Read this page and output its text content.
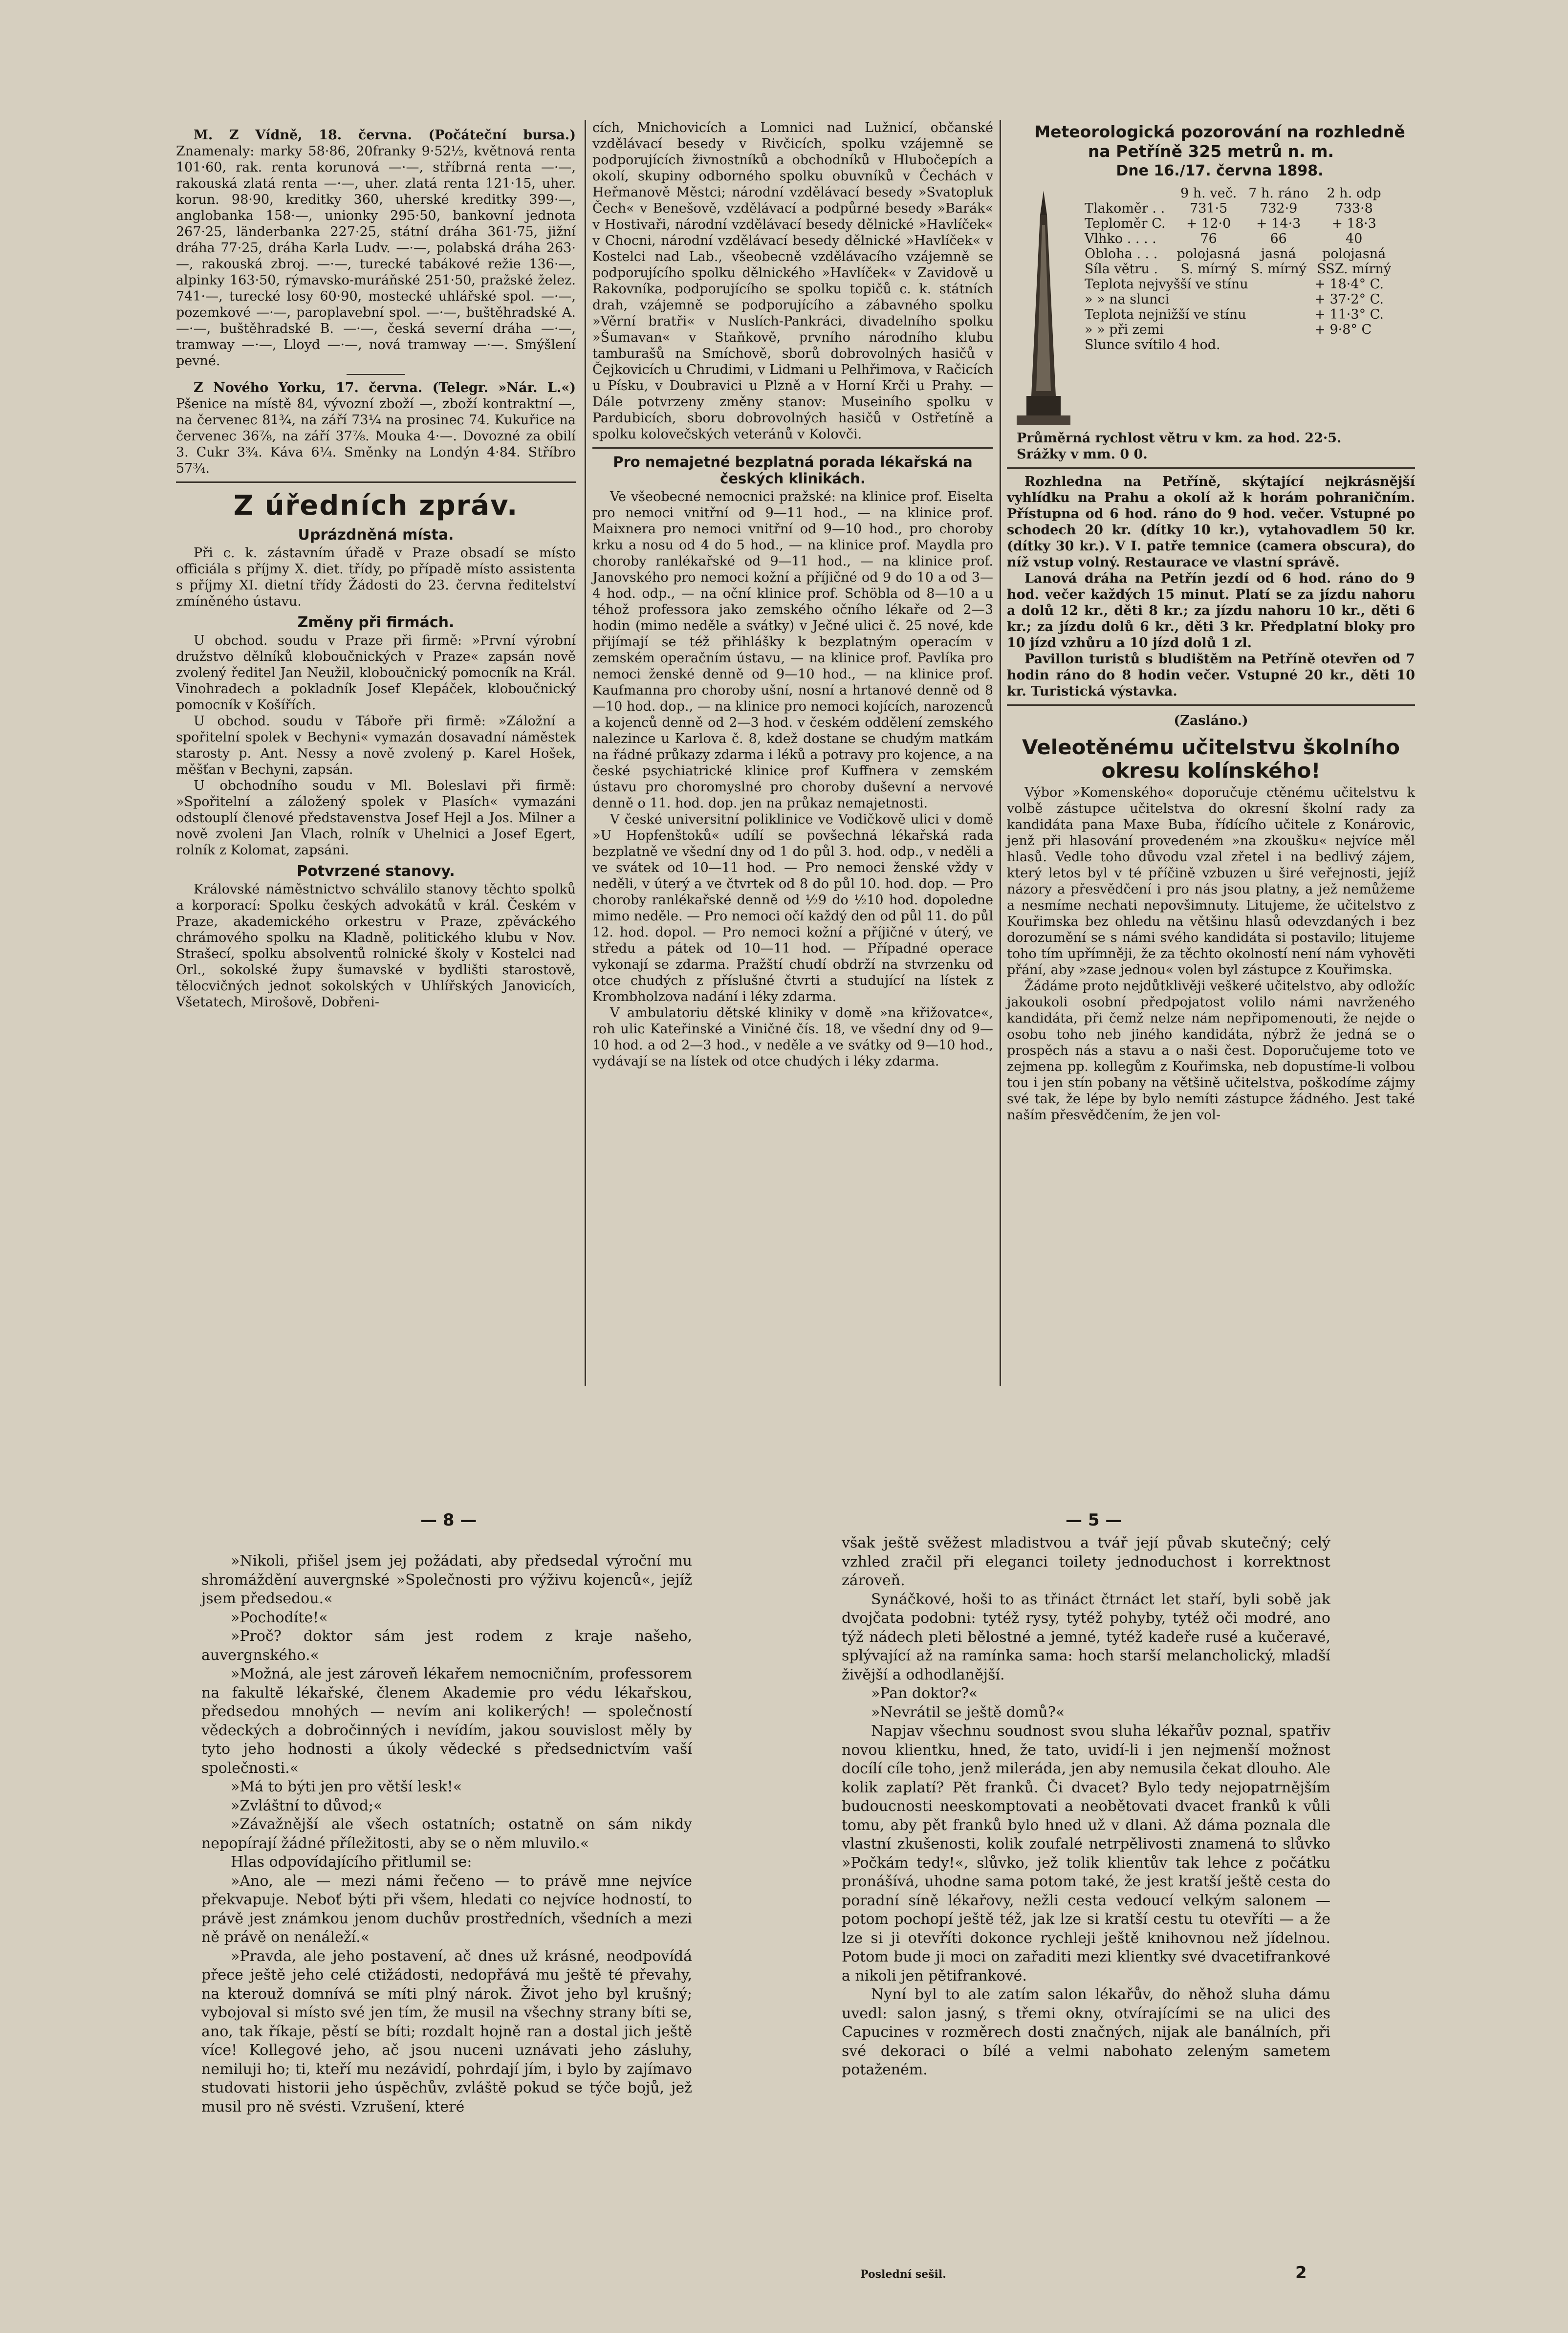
M. Z Vídně, 18. června. (Počáteční bursa.) Znamenaly: marky 58·86, 20franky 9·52½, květnová renta 101·60, rak. renta korunová —·—, stříbrná renta —·—, rakouská zlatá renta —·—, uher. zlatá renta 121·15, uher. korun. 98·90, kreditky 360, uherské kreditky 399·—, anglobanka 158·—, unionky 295·50, bankovní jednota 267·25, länderbanka 227·25, státní dráha 361·75, jižní dráha 77·25, dráha Karla Ludv. —·—, polabská dráha 263·—, rakouská zbroj. —·—, turecké tabákové režie 136·—, alpinky 163·50, rýmavsko-muráňské 251·50, pražské želez. 741·—, turecké losy 60·90, mostecké uhlářské spol. —·—, pozemkové —·—, paroplavební spol. —·—, buštěhradské A. —·—, buštěhradské B. —·—, česká severní dráha —·—, tramway —·—, Lloyd —·—, nová tramway —·—. Smýšlení pevné.

Z Nového Yorku, 17. června. (Telegr. »Nár. L.«) Pšenice na místě 84, vývozní zboží —, zboží kontraktní —, na červenec 81¾, na září 73¼ na prosinec 74. Kukuřice na červenec 36⅞, na září 37⅞. Mouka 4·—. Dovozné za obilí 3. Cukr 3¾. Káva 6¼. Směnky na Londýn 4·84. Stříbro 57¾.

Z úředních zpráv.
Uprázdněná místa.

Při c. k. zástavním úřadě v Praze obsadí se místo officiála s příjmy X. diet. třídy, po případě místo assistenta s příjmy XI. dietní třídy Žádosti do 23. června ředitelství zmíněného ústavu.

Změny při firmách.

U obchod. soudu v Praze při firmě: »První výrobní družstvo dělníků kloboučnických v Praze« zapsán nově zvolený ředitel Jan Neužil, kloboučnický pomocník na Král. Vinohradech a pokladník Josef Klepáček, kloboučnický pomocník v Košířích.

U obchod. soudu v Táboře při firmě: »Záložní a spořitelní spolek v Bechyni« vymazán dosavadní náměstek starosty p. Ant. Nessy a nově zvolený p. Karel Hošek, měšťan v Bechyni, zapsán.

U obchodního soudu v Ml. Boleslavi při firmě: »Spořitelní a záložený spolek v Plasích« vymazáni odstouplí členové představenstva Josef Hejl a Jos. Milner a nově zvoleni Jan Vlach, rolník v Uhelnici a Josef Egert, rolník z Kolomat, zapsáni.

Potvrzené stanovy.

Královské náměstnictvo schválilo stanovy těchto spolků a korporací: Spolku českých advokátů v král. Českém v Praze, akademického orkestru v Praze, zpěváckého chrámového spolku na Kladně, politického klubu v Nov. Strašecí, spolku absolventů rolnické školy v Kostelci nad Orl., sokolské župy šumavské v bydlišti starostově, tělocvičných jednot sokolských v Uhlířských Janovicích, Všetatech, Mirošově, Dobřeni-

cích, Mnichovicích a Lomnici nad Lužnicí, občanské vzdělávací besedy v Rivčicích, spolku vzájemně se podporujících živnostníků a obchodníků v Hlubočepích a okolí, skupiny odborného spolku obuvníků v Čechách v Heřmanově Městci; národní vzdělávací besedy »Svatopluk Čech« v Benešově, vzdělávací a podpůrné besedy »Barák« v Hostivaři, národní vzdělávací besedy dělnické »Havlíček« v Chocni, národní vzdělávací besedy dělnické »Havlíček« v Kostelci nad Lab., všeobecně vzdělávacího vzájemně se podporujícího spolku dělnického »Havlíček« v Zavidově u Rakovníka, podporujícího se spolku topičů c. k. státních drah, vzájemně se podporujícího a zábavného spolku »Věrní bratři« v Nuslích-Pankráci, divadelního spolku »Šumavan« v Staňkově, prvního národního klubu tamburašů na Smíchově, sborů dobrovolných hasičů v Čejkovicích u Chrudimi, v Lidmani u Pelhřimova, v Račicích u Písku, v Doubravici u Plzně a v Horní Krči u Prahy. — Dále potvrzeny změny stanov: Museiního spolku v Pardubicích, sboru dobrovolných hasičů v Ostřetíně a spolku kolovečských veteránů v Kolovči.

Pro nemajetné bezplatná porada lékařská na českých klinikách.

Ve všeobecné nemocnici pražské: na klinice prof. Eiselta pro nemoci vnitřní od 9—11 hod., — na klinice prof. Maixnera pro nemoci vnitřní od 9—10 hod., pro choroby krku a nosu od 4 do 5 hod., — na klinice prof. Maydla pro choroby ranlékařské od 9—11 hod., — na klinice prof. Janovského pro nemoci kožní a příjičné od 9 do 10 a od 3—4 hod. odp., — na oční klinice prof. Schöbla od 8—10 a u téhož professora jako zemského očního lékaře od 2—3 hodin (mimo neděle a svátky) v Ječné ulici č. 25 nové, kde přijímají se též přihlášky k bezplatným operacím v zemském operačním ústavu, — na klinice prof. Pavlíka pro nemoci ženské denně od 9—10 hod., — na klinice prof. Kaufmanna pro choroby ušní, nosní a hrtanové denně od 8—10 hod. dop., — na klinice pro nemoci kojících, narozenců a kojenců denně od 2—3 hod. v českém oddělení zemského nalezince u Karlova č. 8, kdež dostane se chudým matkám na řádné průkazy zdarma i léků a potravy pro kojence, a na české psychiatrické klinice prof Kuffnera v zemském ústavu pro choromyslné pro choroby duševní a nervové denně o 11. hod. dop. jen na průkaz nemajetnosti.

V české universitní poliklinice ve Vodičkově ulici v domě »U Hopfenštoků« udílí se povšechná lékařská rada bezplatně ve všední dny od 1 do půl 3. hod. odp., v neděli a ve svátek od 10—11 hod. — Pro nemoci ženské vždy v neděli, v úterý a ve čtvrtek od 8 do půl 10. hod. dop. — Pro choroby ranlékařské denně od ½9 do ½10 hod. dopoledne mimo neděle. — Pro nemoci očí každý den od půl 11. do půl 12. hod. dopol. — Pro nemoci kožní a příjičné v úterý, ve středu a pátek od 10—11 hod. — Případné operace vykonají se zdarma. Pražští chudí obdrží na stvrzenku od otce chudých z příslušné čtvrti a studující na lístek z Krombholzova nadání i léky zdarma.

V ambulatoriu dětské kliniky v domě »na křižovatce«, roh ulic Kateřinské a Viničné čís. 18, ve všední dny od 9—10 hod. a od 2—3 hod., v neděle a ve svátky od 9—10 hod., vydávají se na lístek od otce chudých i léky zdarma.

Meteorologická pozorování na rozhledně na Petříně 325 metrů n. m.

Dne 16./17. června 1898.

	9 h. več.	7 h. ráno	2 h. odp
Tlakoměr . .	731·5	732·9	733·8
Teploměr C.	+ 12·0	+ 14·3	+ 18·3
Vlhko . . . .	76	66	40
Obloha . . .	polojasná	jasná	polojasná
Síla větru .	S. mírný	S. mírný	SSZ. mírný
Teplota nejvyšší ve stínu			+ 18·4° C.
» » na slunci			+ 37·2° C.
Teplota nejnižší ve stínu			+ 11·3° C.
» » při zemi			+ 9·8° C
Slunce svítilo 4 hod.			

Průměrná rychlost větru v km. za hod. 22·5.

Srážky v mm. 0 0.

Rozhledna na Petříně, skýtající nejkrásnější vyhlídku na Prahu a okolí až k horám pohraničním. Přístupna od 6 hod. ráno do 9 hod. večer. Vstupné po schodech 20 kr. (dítky 10 kr.), vytahovadlem 50 kr. (dítky 30 kr.). V I. patře temnice (camera obscura), do níž vstup volný. Restaurace ve vlastní správě.

Lanová dráha na Petřín jezdí od 6 hod. ráno do 9 hod. večer každých 15 minut. Platí se za jízdu nahoru a dolů 12 kr., děti 8 kr.; za jízdu nahoru 10 kr., děti 6 kr.; za jízdu dolů 6 kr., děti 3 kr. Předplatní bloky pro 10 jízd vzhůru a 10 jízd dolů 1 zl.

Pavillon turistů s bludištěm na Petříně otevřen od 7 hodin ráno do 8 hodin večer. Vstupné 20 kr., děti 10 kr. Turistická výstavka.

(Zasláno.)

Veleotěnému učitelstvu školního okresu kolínského!

Výbor »Komenského« doporučuje ctěnému učitelstvu k volbě zástupce učitelstva do okresní školní rady za kandidáta pana Maxe Buba, řídícího učitele z Konárovic, jenž při hlasování provedeném »na zkoušku« nejvíce měl hlasů. Vedle toho důvodu vzal zřetel i na bedlivý zájem, který letos byl v té příčině vzbuzen u širé veřejnosti, jejíž názory a přesvědčení i pro nás jsou platny, a jež nemůžeme a nesmíme nechati nepovšimnuty. Litujeme, že učitelstvo z Kouřimska bez ohledu na většinu hlasů odevzdaných i bez dorozumění se s námi svého kandidáta si postavilo; litujeme toho tím upřímněji, že za těchto okolností není nám vyhověti přání, aby »zase jednou« volen byl zástupce z Kouřimska.

Žádáme proto nejdůtklivěji veškeré učitelstvo, aby odložíc jakoukoli osobní předpojatost volilo námi navrženého kandidáta, při čemž nelze nám nepřipomenouti, že nejde o osobu toho neb jiného kandidáta, nýbrž že jedná se o prospěch nás a stavu a o naši čest. Doporučujeme toto ve zejmena pp. kollegům z Kouřimska, neb dopustíme-li volbou tou i jen stín pobany na většině učitelstva, poškodíme zájmy své tak, že lépe by bylo nemíti zástupce žádného. Jest také naším přesvědčením, že jen vol-

— 8 —	— 5 —

»Nikoli, přišel jsem jej požádati, aby předsedal výroční mu shromáždění auvergnské »Společnosti pro výživu kojenců«, jejíž jsem předsedou.«

»Pochodíte!«

»Proč? doktor sám jest rodem z kraje našeho, auvergnského.«

»Možná, ale jest zároveň lékařem nemocničním, professorem na fakultě lékařské, členem Akademie pro védu lékařskou, předsedou mnohých — nevím ani kolikerých! — společností vědeckých a dobročinných i nevídím, jakou souvislost měly by tyto jeho hodnosti a úkoly vědecké s předsednictvím vaší společnosti.«

»Má to býti jen pro větší lesk!«

»Zvláštní to důvod;«

»Závažnější ale všech ostatních; ostatně on sám nikdy nepopírají žádné příležitosti, aby se o něm mluvilo.«

Hlas odpovídajícího přitlumil se:

»Ano, ale — mezi námi řečeno — to právě mne nejvíce překvapuje. Neboť býti při všem, hledati co nejvíce hodností, to právě jest známkou jenom duchův prostředních, všedních a mezi ně právě on nenáleží.«

»Pravda, ale jeho postavení, ač dnes už krásné, neodpovídá přece ještě jeho celé ctižádosti, nedopřává mu ještě té převahy, na kterouž domnívá se míti plný nárok. Život jeho byl krušný; vybojoval si místo své jen tím, že musil na všechny strany bíti se, ano, tak říkaje, pěstí se bíti; rozdalt hojně ran a dostal jich ještě více! Kollegové jeho, ač jsou nuceni uznávati jeho zásluhy, nemiluji ho; ti, kteří mu nezávidí, pohrdají jím, i bylo by zajímavo studovati historii jeho úspěchův, zvláště pokud se týče bojů, jež musil pro ně svésti. Vzrušení, které

však ještě svěžest mladistvou a tvář její půvab skutečný; celý vzhled zračil při eleganci toilety jednoduchost i korrektnost zároveň.

Synáčkové, hoši to as třináct čtrnáct let staří, byli sobě jak dvojčata podobni: tytéž rysy, tytéž pohyby, tytéž oči modré, ano týž nádech pleti bělostné a jemné, tytéž kadeře rusé a kučeravé, splývající až na ramínka sama: hoch starší melancholický, mladší živější a odhodlanější.

»Pan doktor?«

»Nevrátil se ještě domů?«

Napjav všechnu soudnost svou sluha lékařův poznal, spatřiv novou klientku, hned, že tato, uvidí-li i jen nejmenší možnost docílí cíle toho, jenž mileráda, jen aby nemusila čekat dlouho. Ale kolik zaplatí? Pět franků. Či dvacet? Bylo tedy nejopatrnějším budoucnosti neeskomptovati a neobětovati dvacet franků k vůli tomu, aby pět franků bylo hned už v dlani. Až dáma poznala dle vlastní zkušenosti, kolik zoufalé netrpělivosti znamená to slůvko »Počkám tedy!«, slůvko, jež tolik klientův tak lehce z počátku pronášívá, uhodne sama potom také, že jest kratší ještě cesta do poradní síně lékařovy, nežli cesta vedoucí velkým salonem — potom pochopí ještě též, jak lze si kratší cestu tu otevříti — a že lze si ji otevříti dokonce rychleji ještě knihovnou než jídelnou. Potom bude ji moci on zařaditi mezi klientky své dvacetifrankové a nikoli jen pětifrankové.

Nyní byl to ale zatím salon lékařův, do něhož sluha dámu uvedl: salon jasný, s třemi okny, otvírajícími se na ulici des Capucines v rozměrech dosti značných, nijak ale banálních, při své dekoraci o bílé a velmi nabohato zeleným sametem potaženém.

Poslední sešil.	2
